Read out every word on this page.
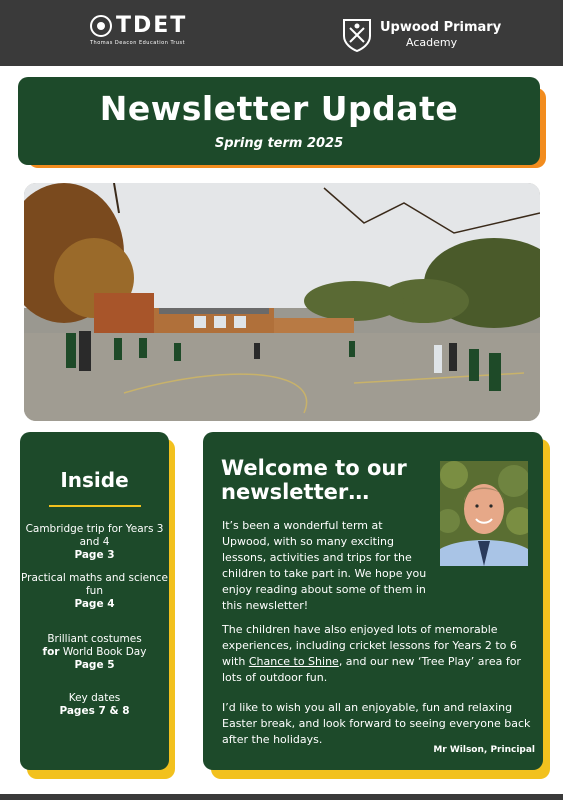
TDET
Thomas Deacon Education Trust
Upwood Primary
Academy
Newsletter Update
Spring term 2025
Inside
Cambridge trip for Years 3 and 4
Page 3
Practical maths and science fun
Page 4
Brilliant costumes
for World Book Day
Page 5
Key dates
Pages 7 & 8
Welcome to our newsletter…
It’s been a wonderful term at Upwood, with so many exciting lessons, activities and trips for the children to take part in. We hope you enjoy reading about some of them in this newsletter!
The children have also enjoyed lots of memorable experiences, including cricket lessons for Years 2 to 6 with Chance to Shine, and our new ‘Tree Play’ area for lots of outdoor fun.
I’d like to wish you all an enjoyable, fun and relaxing Easter break, and look forward to seeing everyone back after the holidays.
Mr Wilson, Principal
